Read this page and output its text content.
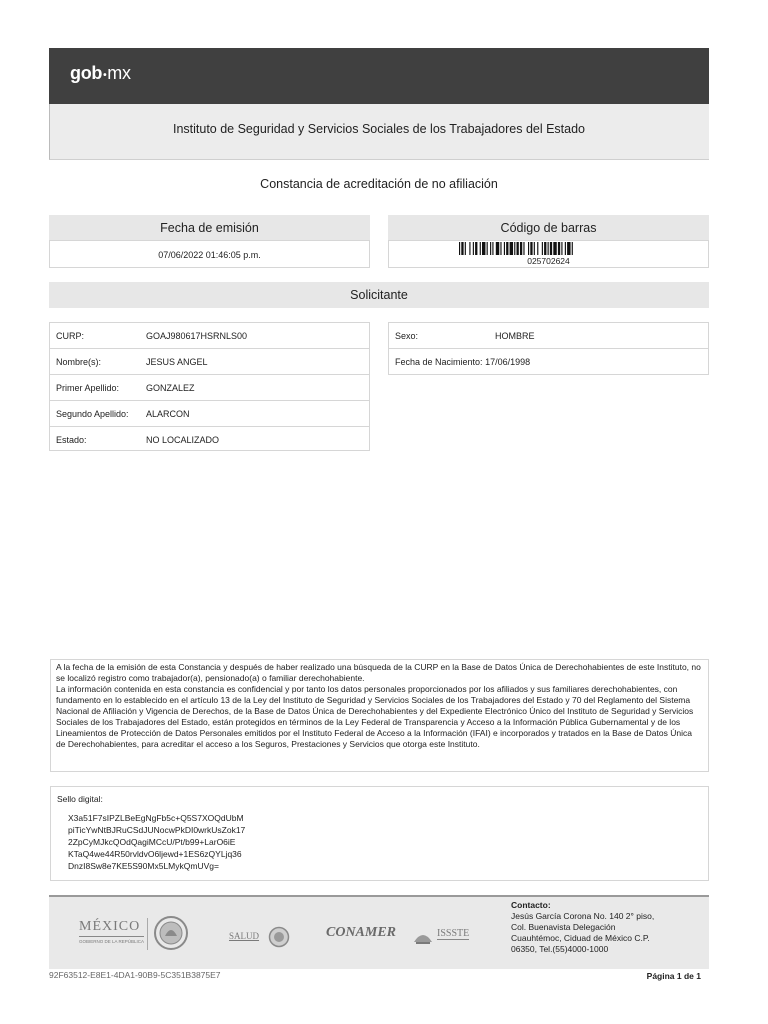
gob•mx
Instituto de Seguridad y Servicios Sociales de los Trabajadores del Estado
Constancia de acreditación de no afiliación
Fecha de emisión
07/06/2022 01:46:05 p.m.
Código de barras
025702624
Solicitante
CURP:	GOAJ980617HSRNLS00
Nombre(s):	JESUS ANGEL
Primer Apellido:	GONZALEZ
Segundo Apellido: ALARCON
Estado:	NO LOCALIZADO
Sexo:	HOMBRE
Fecha de Nacimiento: 17/06/1998

A la fecha de la emisión de esta Constancia y después de haber realizado una búsqueda de la CURP en la Base de Datos Única de Derechohabientes de este Instituto, no se localizó registro como trabajador(a), pensionado(a) o familiar derechohabiente.

La información contenida en esta constancia es confidencial y por tanto los datos personales proporcionados por los afiliados y sus familiares derechohabientes, con fundamento en lo establecido en el artículo 13 de la Ley del Instituto de Seguridad y Servicios Sociales de los Trabajadores del Estado y 70 del Reglamento del Sistema Nacional de Afiliación y Vigencia de Derechos, de la Base de Datos Única de Derechohabientes y del Expediente Electrónico Único del Instituto de Seguridad y Servicios Sociales de los Trabajadores del Estado, están protegidos en términos de la Ley Federal de Transparencia y Acceso a la Información Pública Gubernamental y de los Lineamientos de Protección de Datos Personales emitidos por el Instituto Federal de Acceso a la Información (IFAI) e incorporados y tratados en la Base de Datos Única de Derechohabientes, para acreditar el acceso a los Seguros, Prestaciones y Servicios que otorga este Instituto.

Sello digital:
X3a51F7sIPZLBeEgNgFb5c+Q5S7XOQdUbM
piTicYwNtBJRuCSdJUNocwPkDI0wrkUsZok17
2ZpCyMJkcQOdQagiMCcU/Pt/b99+LarO6iE
KTaQ4we44R50rvldvO6ljewd+1ES6zQYLjq36
DnzI8Sw8e7KE5S90Mx5LMykQmUVg=
MÉXICO
GOBIERNO DE LA REPÚBLICA
SALUD	CONAMER	ISSSTE
Contacto:
Jesús García Corona No. 140 2° piso,
Col. Buenavista Delegación
Cuauhtémoc, Ciduad de México C.P.
06350, Tel.(55)4000-1000
92F63512-E8E1-4DA1-90B9-5C351B3875E7	Página 1 de 1
